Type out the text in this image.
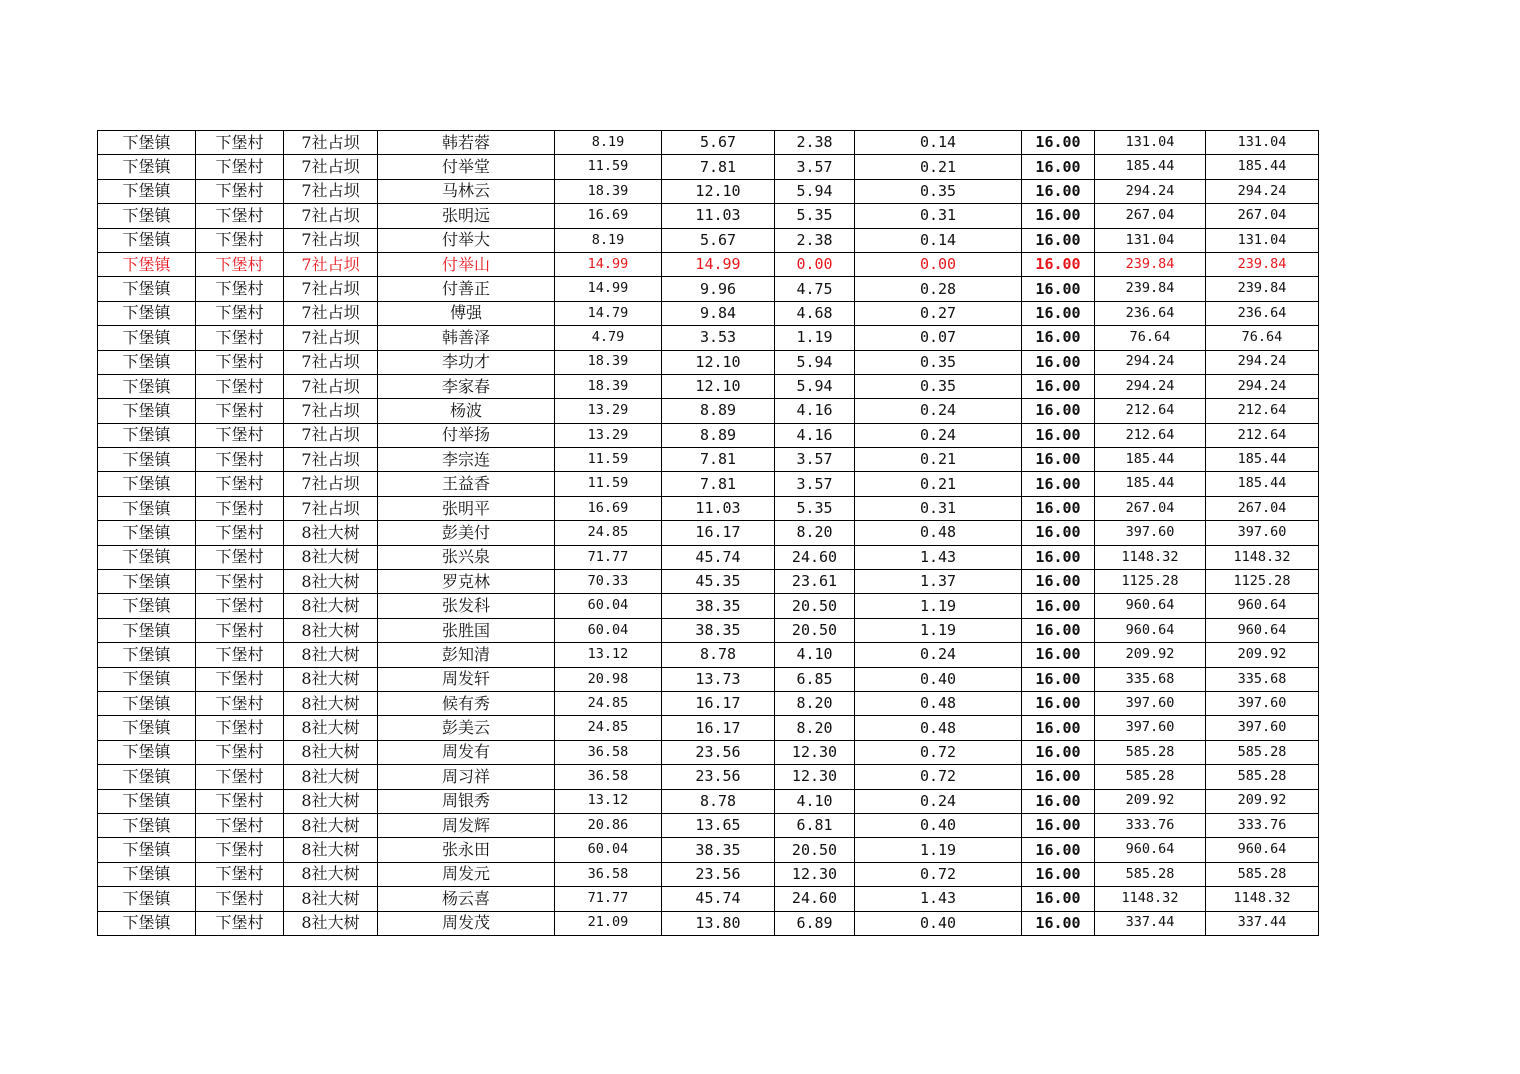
下堡镇	下堡村	7社占坝	韩若蓉	8.19	5.67	2.38	0.14	16.00	131.04	131.04
下堡镇	下堡村	7社占坝	付举堂	11.59	7.81	3.57	0.21	16.00	185.44	185.44
下堡镇	下堡村	7社占坝	马林云	18.39	12.10	5.94	0.35	16.00	294.24	294.24
下堡镇	下堡村	7社占坝	张明远	16.69	11.03	5.35	0.31	16.00	267.04	267.04
下堡镇	下堡村	7社占坝	付举大	8.19	5.67	2.38	0.14	16.00	131.04	131.04
下堡镇	下堡村	7社占坝	付举山	14.99	14.99	0.00	0.00	16.00	239.84	239.84
下堡镇	下堡村	7社占坝	付善正	14.99	9.96	4.75	0.28	16.00	239.84	239.84
下堡镇	下堡村	7社占坝	傅强	14.79	9.84	4.68	0.27	16.00	236.64	236.64
下堡镇	下堡村	7社占坝	韩善泽	4.79	3.53	1.19	0.07	16.00	76.64	76.64
下堡镇	下堡村	7社占坝	李功才	18.39	12.10	5.94	0.35	16.00	294.24	294.24
下堡镇	下堡村	7社占坝	李家春	18.39	12.10	5.94	0.35	16.00	294.24	294.24
下堡镇	下堡村	7社占坝	杨波	13.29	8.89	4.16	0.24	16.00	212.64	212.64
下堡镇	下堡村	7社占坝	付举扬	13.29	8.89	4.16	0.24	16.00	212.64	212.64
下堡镇	下堡村	7社占坝	李宗连	11.59	7.81	3.57	0.21	16.00	185.44	185.44
下堡镇	下堡村	7社占坝	王益香	11.59	7.81	3.57	0.21	16.00	185.44	185.44
下堡镇	下堡村	7社占坝	张明平	16.69	11.03	5.35	0.31	16.00	267.04	267.04
下堡镇	下堡村	8社大树	彭美付	24.85	16.17	8.20	0.48	16.00	397.60	397.60
下堡镇	下堡村	8社大树	张兴泉	71.77	45.74	24.60	1.43	16.00	1148.32	1148.32
下堡镇	下堡村	8社大树	罗克林	70.33	45.35	23.61	1.37	16.00	1125.28	1125.28
下堡镇	下堡村	8社大树	张发科	60.04	38.35	20.50	1.19	16.00	960.64	960.64
下堡镇	下堡村	8社大树	张胜国	60.04	38.35	20.50	1.19	16.00	960.64	960.64
下堡镇	下堡村	8社大树	彭知清	13.12	8.78	4.10	0.24	16.00	209.92	209.92
下堡镇	下堡村	8社大树	周发轩	20.98	13.73	6.85	0.40	16.00	335.68	335.68
下堡镇	下堡村	8社大树	候有秀	24.85	16.17	8.20	0.48	16.00	397.60	397.60
下堡镇	下堡村	8社大树	彭美云	24.85	16.17	8.20	0.48	16.00	397.60	397.60
下堡镇	下堡村	8社大树	周发有	36.58	23.56	12.30	0.72	16.00	585.28	585.28
下堡镇	下堡村	8社大树	周习祥	36.58	23.56	12.30	0.72	16.00	585.28	585.28
下堡镇	下堡村	8社大树	周银秀	13.12	8.78	4.10	0.24	16.00	209.92	209.92
下堡镇	下堡村	8社大树	周发辉	20.86	13.65	6.81	0.40	16.00	333.76	333.76
下堡镇	下堡村	8社大树	张永田	60.04	38.35	20.50	1.19	16.00	960.64	960.64
下堡镇	下堡村	8社大树	周发元	36.58	23.56	12.30	0.72	16.00	585.28	585.28
下堡镇	下堡村	8社大树	杨云喜	71.77	45.74	24.60	1.43	16.00	1148.32	1148.32
下堡镇	下堡村	8社大树	周发茂	21.09	13.80	6.89	0.40	16.00	337.44	337.44
